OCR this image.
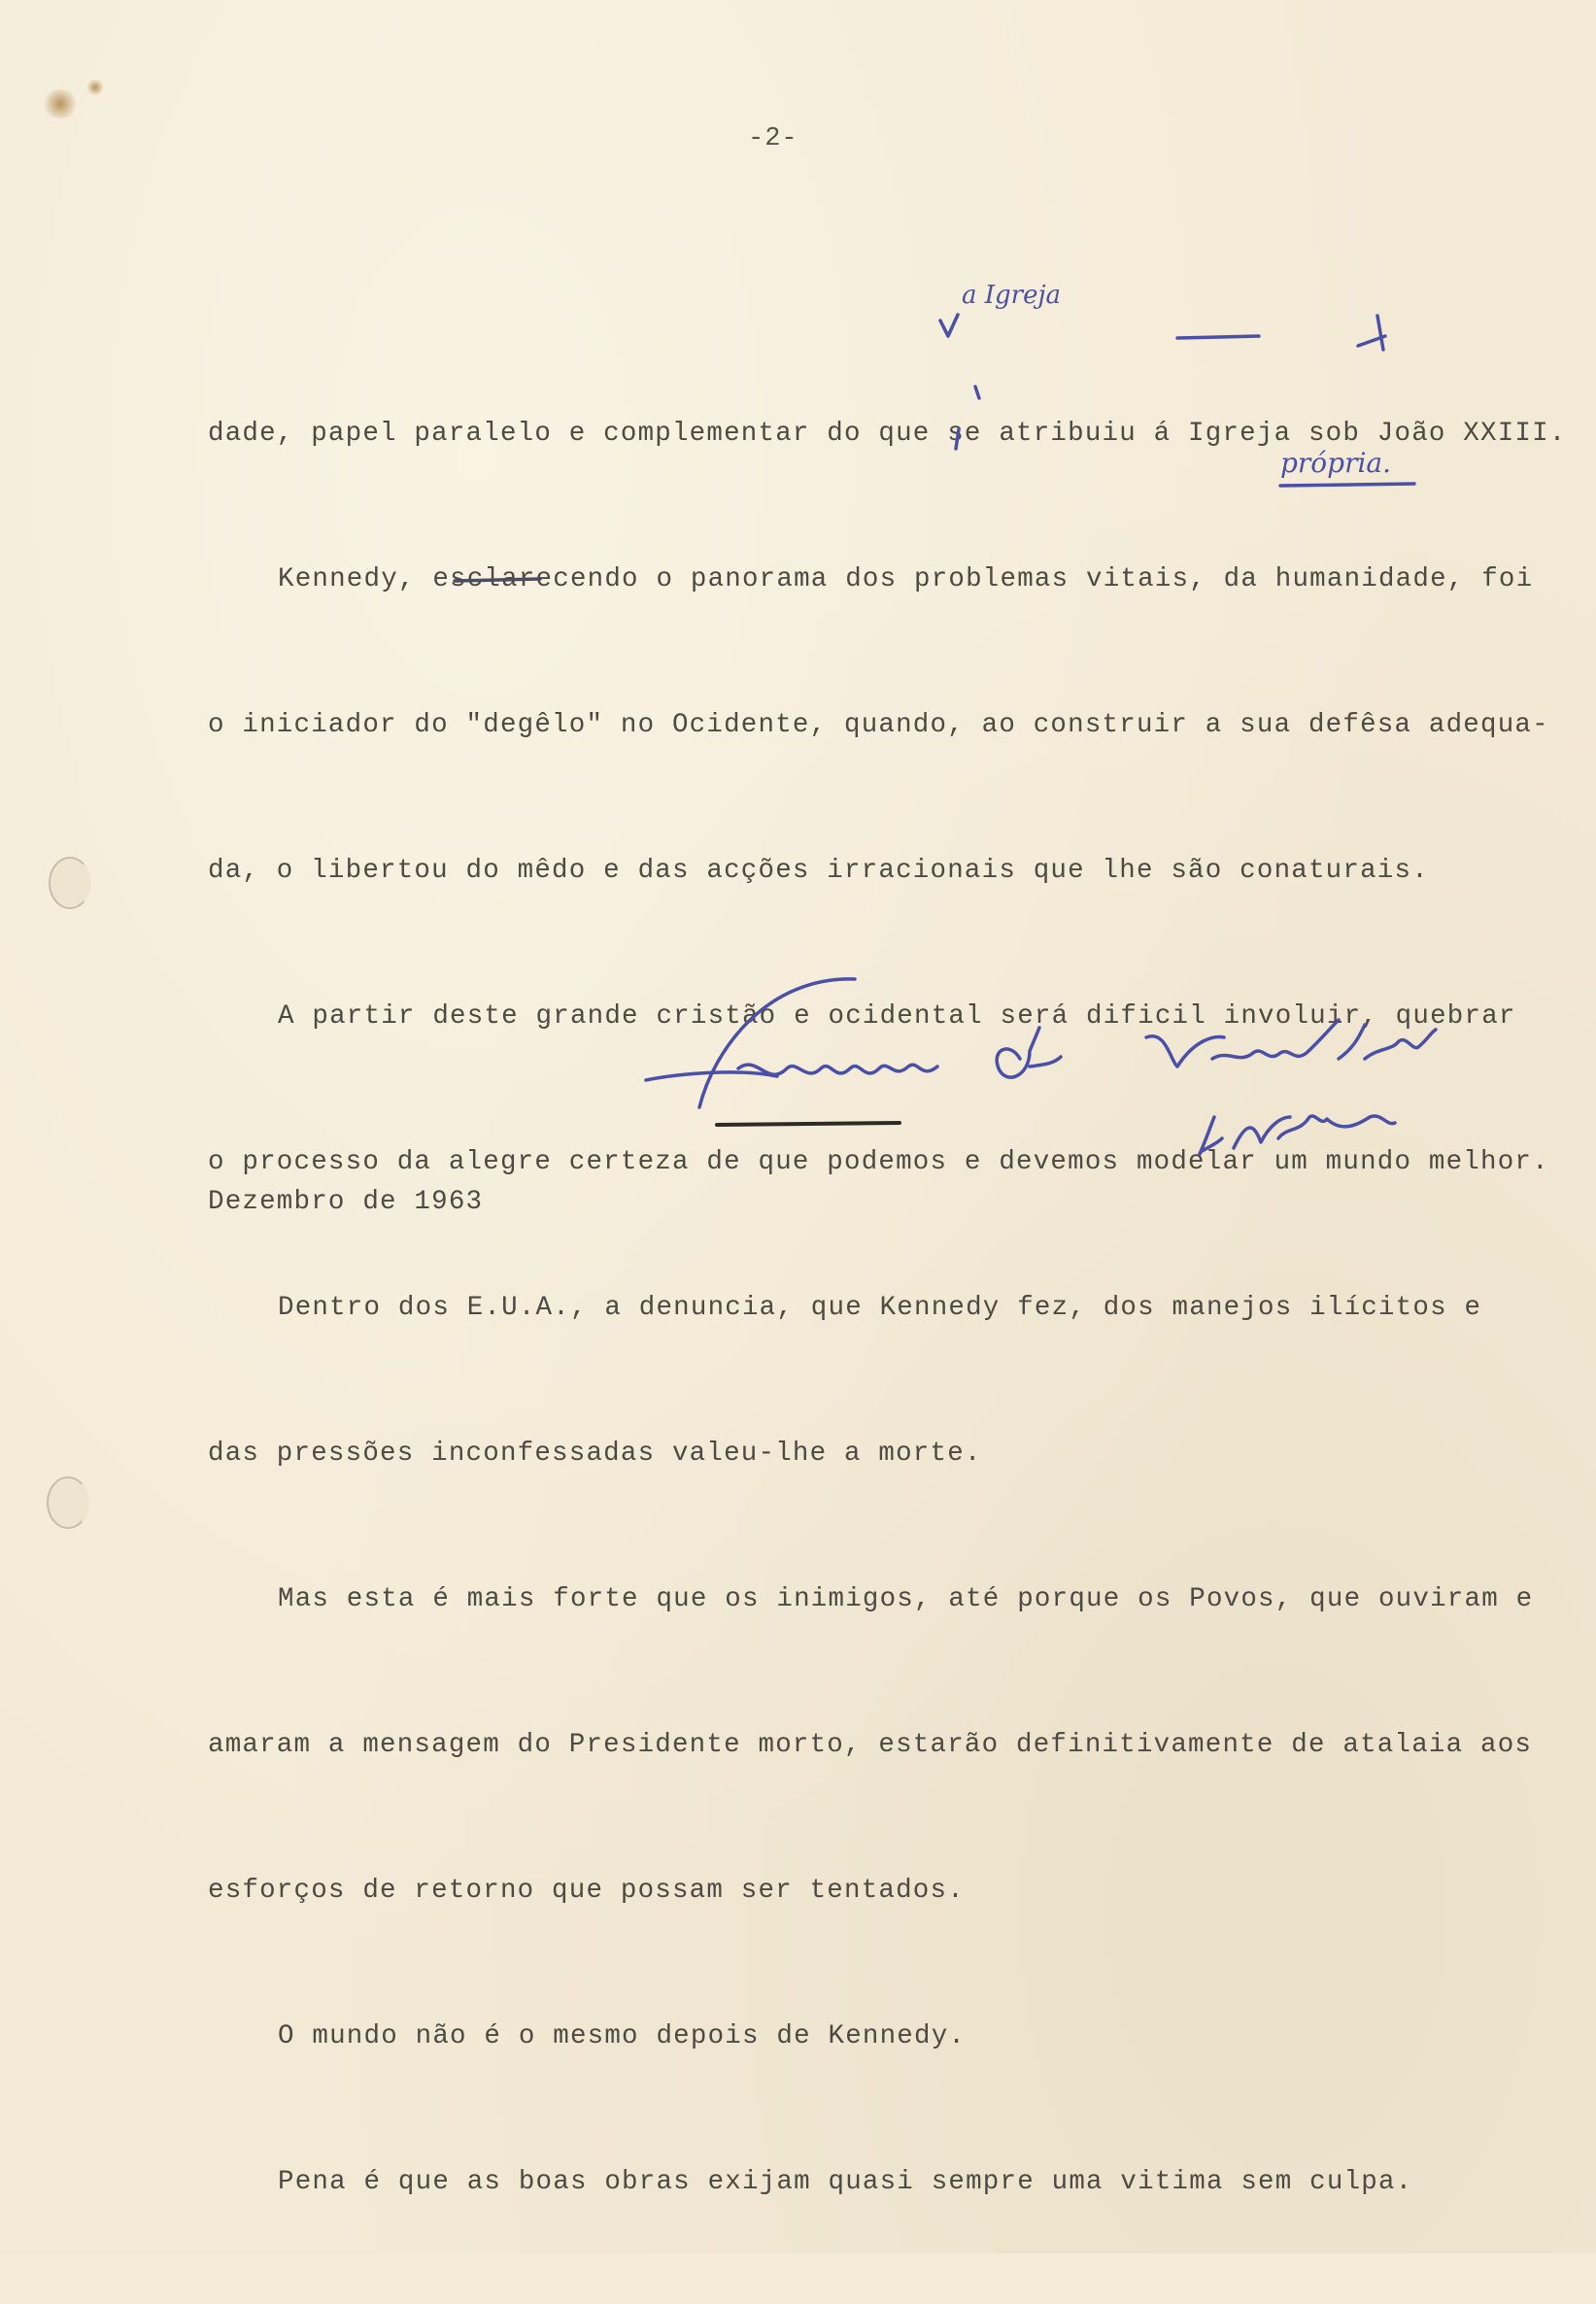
-2-

dade, papel paralelo e complementar do que se atribuiu á Igreja sob João XXIII.

Kennedy, esclarecendo o panorama dos problemas vitais, da humanidade, foi

o iniciador do "degêlo" no Ocidente, quando, ao construir a sua defêsa adequa-

da, o libertou do mêdo e das acções irracionais que lhe são conaturais.

A partir deste grande cristão e ocidental será dificil involuir, quebrar

o processo da alegre certeza de que podemos e devemos modelar um mundo melhor.

Dentro dos E.U.A., a denuncia, que Kennedy fez, dos manejos ilícitos e

das pressões inconfessadas valeu-lhe a morte.

Mas esta é mais forte que os inimigos, até porque os Povos, que ouviram e

amaram a mensagem do Presidente morto, estarão definitivamente de atalaia aos

esforços de retorno que possam ser tentados.

O mundo não é o mesmo depois de Kennedy.

Pena é que as boas obras exijam quasi sempre uma vitima sem culpa.

a Igreja
própria.
Dezembro de 1963
